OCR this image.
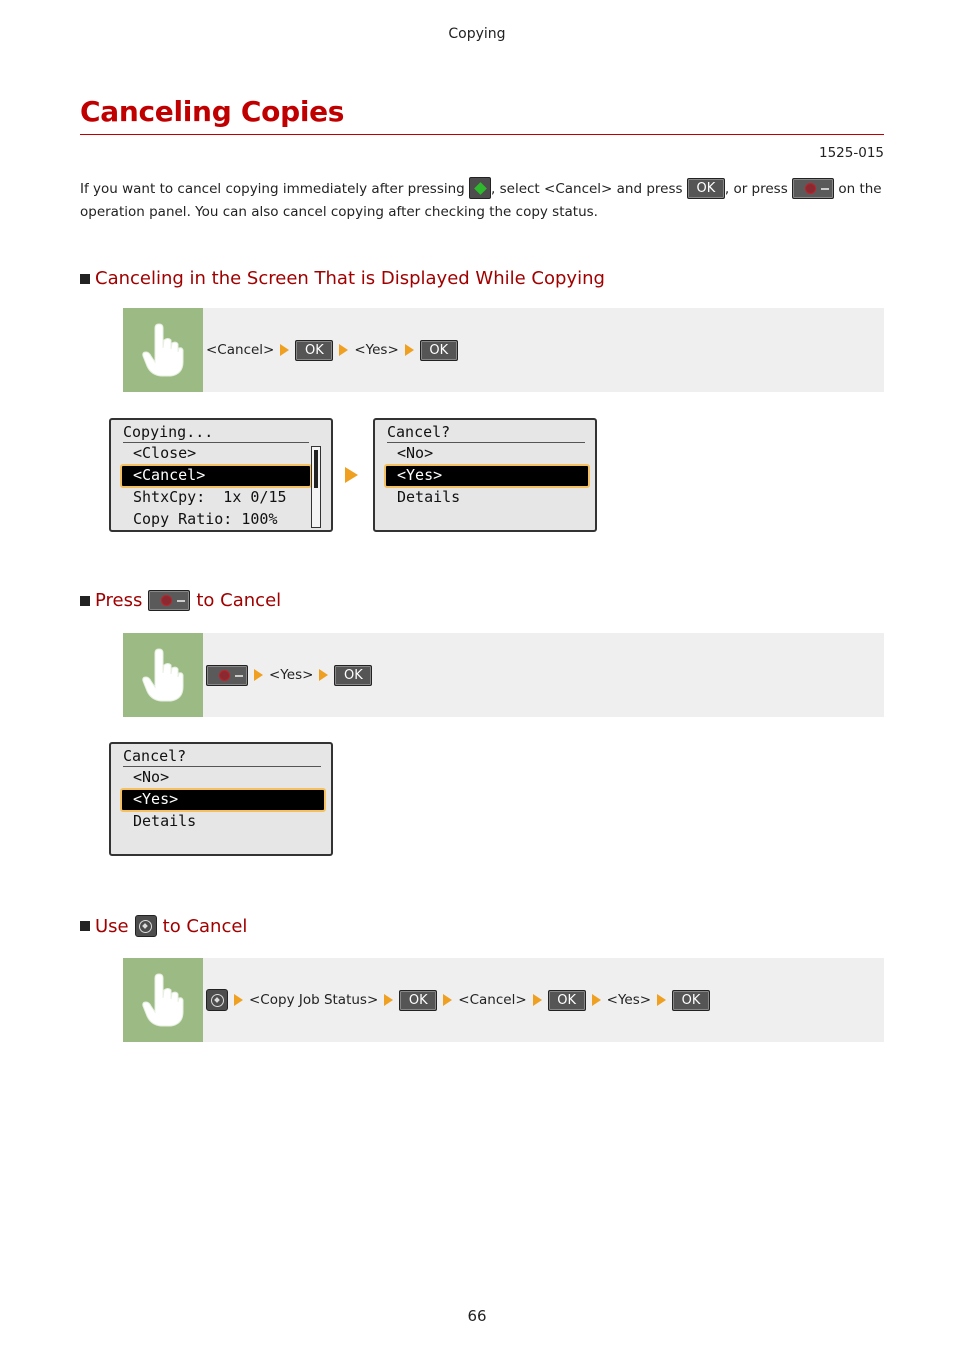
Copying
Canceling Copies
1525-015

If you want to cancel copying immediately after pressing , select <Cancel> and press OK , or press	on the operation panel. You can also cancel copying after checking the copy status.

Canceling in the Screen That is Displayed While Copying
<Cancel>	OK	<Yes>	OK
Copying...
<Close>
<Cancel>
ShtxCpy:  1x 0/15
Copy Ratio: 100%
Cancel?
<No>
<Yes>
Details
Press	to Cancel
<Yes>	OK
Cancel?
<No>
<Yes>
Details
Use to Cancel
<Copy Job Status>	OK	<Cancel>	OK	<Yes>	OK
66
